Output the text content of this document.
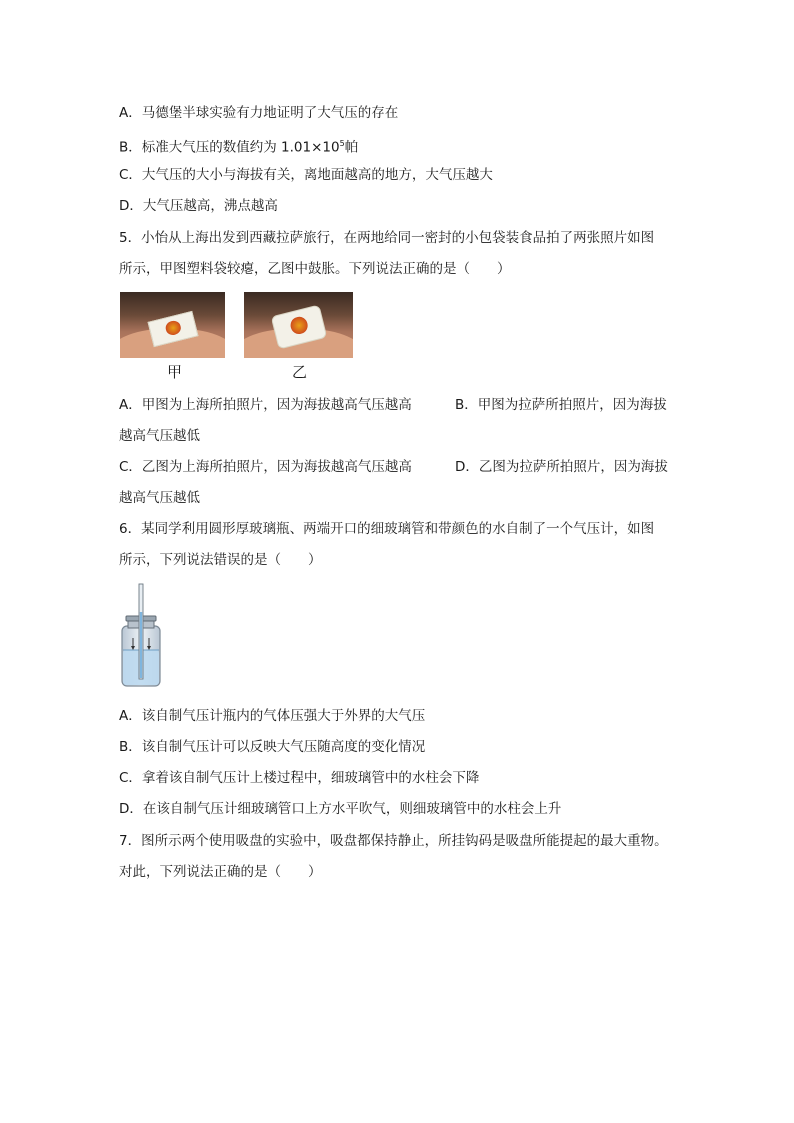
A．马德堡半球实验有力地证明了大气压的存在
B．标准大气压的数值约为 $1.01\times 10^5$帕
C．大气压的大小与海拔有关，离地面越高的地方，大气压越大
D．大气压越高，沸点越高
5．小怡从上海出发到西藏拉萨旅行，在两地给同一密封的小包袋装食品拍了两张照片如图
所示，甲图塑料袋较瘪，乙图中鼓胀。下列说法正确的是（　　）
甲	乙
A．甲图为上海所拍照片，因为海拔越高气压越高	B．甲图为拉萨所拍照片，因为海拔
越高气压越低
C．乙图为上海所拍照片，因为海拔越高气压越高	D．乙图为拉萨所拍照片，因为海拔
越高气压越低
6．某同学利用圆形厚玻璃瓶、两端开口的细玻璃管和带颜色的水自制了一个气压计，如图
所示，下列说法错误的是（　　）
A．该自制气压计瓶内的气体压强大于外界的大气压
B．该自制气压计可以反映大气压随高度的变化情况
C．拿着该自制气压计上楼过程中，细玻璃管中的水柱会下降
D．在该自制气压计细玻璃管口上方水平吹气，则细玻璃管中的水柱会上升
7．图所示两个使用吸盘的实验中，吸盘都保持静止，所挂钩码是吸盘所能提起的最大重物。
对此，下列说法正确的是（　　）
